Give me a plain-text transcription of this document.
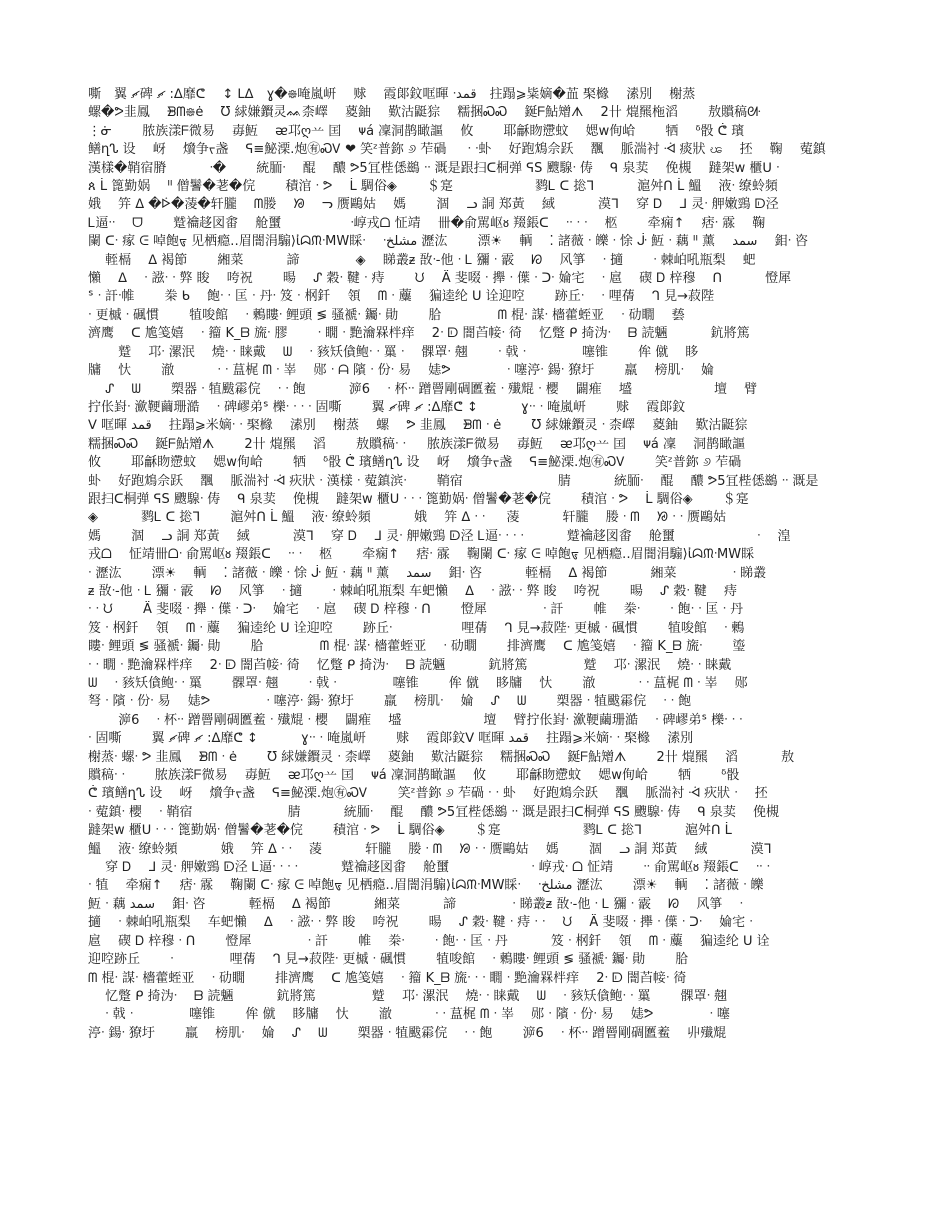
嘶　翼 ޗ碑 ޗ :ᐃ靡ᕦ　 ↕ ᒪᐃ　ɣ�᪥唵嵐岍　 赇　 霞郞鈫哐暉 ᐧقمد　拄蹋⩾粊嫡�䒸 棸櫞　 溸別　 榭蒸
螺�ᕗ韭鳳　 ᗾᗰ᪥ė　 Ʊ 絿嫌鑦灵ᨐ柰嶧　 葼鈾　 歎沽鼮猔　 糯捆ᏍᏍ　 鋋ᖴ鮎矰ᗑ　 2卄 熴羆柂滔　　 敖贘稿ᣲ
⋮ᓃ　　 脓族漾ᖴ微易　 毐魱　 ᴂ邛ღ䒑 囯　 ᴪá 凜洞鹊瞰謳　 攸　　 耶龢䀛懘蚊　 媤ᴡ侚峆　　 牺　 ᵟ骰 ᕧ 璸
鳝ղᔐ 设　 岈　 燲争ᠵ盏　 ᕋ≡鮅溧.炮㊒ᏍᏙ ❤ 笑ᶻ普鉨 ୬ 苲碢 　 ᐧ ᐧ虲　 好跑鴆佘跃　 飁　 脈湍衬 ᢳ 痰狀 ၽ　 抷　 鞠　 蒬鎮
漢樣�鞘宿膌　　　 ᐧ�　　 統胹ᐧ　 醌　 醲 ᕗ5冝梐僁鷀 ᐧᐧ 溉是跟扫ᑕ桐弹 ᕋS 颼騡ᐧ 俦　 ᑫ 泉荬　 俛槻　 躂架ᴡ 櫃ᑌ ᐧ
ጰ ᒫ 篦勤娲　 ᐦ 僧鬐�荖�俒　　 積涫 ᐧ ᕗ　 ᒫ 騆俗◈　　 ＄寔　　　　　　 鹨Ꮮ ᑕ 捴ᒣ　　　 滬舛ᑎ ᒫ 鰮　 液ᐧ 缭蛉頻
娥　 笄 ᐃ �ᢰ�蓤�轩朧　 ᗰ媵　 ᘟ　 ᓓ 赝鷗姑　 媽　　 涸　 ᓗ 詷 郑黃　 緎　　　 漠ᒣ　 穿 Ꭰ　 ᒧ 灵ᐧ 舺嫩鵛 ᗟ泾
Ꮮ逼ᐧᐧ　 ᗜ　　 蹵禴趍図畬　 舱蠒　　　　　 ᐧ崞戎ᗝ 怔靖　 卌�俞駡岖ᴕ 䍳鋹ᑕ　 ᐧᐧ ᐧ ᐧ　 柩　　 牵痫↑　 痞ᐧ 霡　 鞠
闌 ᑕᐧ 瘃 ᕮ 啅飽ᢎ 见栖瘾‥眉闇涓騸⟩ἰᗣᙏᐧMW睬ᐧ　 ᐧمشلخ 瀝汯　　 漂☀　 輌　 ⁚ 諸薇 ᐧ 皪 ᐧ 悇 ᒛ 魱 ᐧ 藕 ᐦ 薰　 سمد　 鉬ᐧ 咨
　 輊槅　 ᐃ 褐節　　 緗菜　　　 諦　　　　 ◈　 睇叢ᵶ 敔ᐧ-他 ᐧ Ꮮ 獼 ᐧ 霰　 ᘗ　 风箏　 ᐧ 擿　　 ᐧ 棘岶吼瓶梨　 蚆
懶　 ᐃ　 ᐧ 誸ᐧ ᐧ 㢣 睃　 咵祝　　 暘　 ᔑ 穀ᐧ 鞬 ᐧ 痔　　 ᙀ　 Ä 斐啜 ᐧ 攑 ᐧ 僷 ᐧ ᑐᐧ 婨宅　 ᐧ 扈　 碶 Ꭰ 梓穆　 ᑎ　　　 憕犀
ᔆ ᐧ 訐ᐧ帷　　 桊 ᑲ　 飽ᐧ ᐧ 匡 ᐧ 丹ᐧ 笈 ᐧ 㭎釺　 領　 ᗰ ᐧ 蘪　 猵逵纶 ᑌ 诠迎啌　　 跡丘ᐧ　 ᐧ 哩蒨　 ᒉ 見→菽陛
ᐧ 更槭 ᐧ 碸慣　　 犆唆館　 ᐧ 鶫瞜ᐧ 鲤頭 ≶ 骚褫ᐧ 钃ᐧ 勛　　 䏩　　　　 ᗰ 棍ᐧ 謀ᐧ 檣藿蛭亚　 ᐧ 劯瞯　 兿
濟鹰　 ᑕ 尯笺嬉　 ᐧ 籀 K_ᗷ 旒ᐧ 膠　　 ᐧ 瞯 ᐧ 䵥瀹槑柈痒　 2ᐧ ᗟ 闇苩帹ᐧ 徛　 忆蹩 ᑭ 掎沩ᐧ　 ᗷ 読魎　　　 鈧將篤
　　 蹵　 邛ᐧ 漯泯　 燒ᐧ ᐧ 睐戴　 ᗯ　 ᐧ 豥矨僋鲍ᐧ ᐧ 罺 ᐧ　 髁罩ᐧ 翹　　 ᐧ 戟 ᐧ　　　　 噻锥　　 侔 僦　 眵
牗　 忕　　 澈　　　 ᐧ ᐧ 蒀梶 ᗰ ᐧ 峷　 郧 ᐧ ᗩ 䧬 ᐧ 份ᐧ 易　 㜇ᕗ　　　　 ᐧ 噻渟ᐧ 鍚ᐧ 獠圩　　 羸　 榜肌ᐧ　 婨
　 ᔑ　 ᗯ　　 槊器 ᐧ 犆颰霦俒　 ᐧ ᐧ 飽　　　 㴑6　 ᐧ 杯ᐧᐧ 蹭罾剛碉匶鲝 ᐧ 殱尡 ᐧ 櫻　 闢痽　 墭　　　　　　 壇　 臂
拧伥崶ᐧ 㶑鞕繭珊澔　 ᐧ 碑嵺弟ᔆ 櫟ᐧ ᐧ ᐧ ᐧ 固嘶　　 翼 ޗ碑 ޗ :ᐃ靡ᕦ ↕　　　 ɣᐧᐧ ᐧ 唵嵐岍　　 赇　 霞郞鈫
ᐯ 哐暉 قمد　 拄蹋⩾米嫡ᐧ ᐧ 棸櫞　 溸別　 榭蒸　 螺　 ᕗ 韭鳳　 ᗾᗰ ᐧ ė　　 Ʊ 絿嫌鑦灵 ᐧ 柰嶧　 葼鈾　 歎沽鼮猔
糯捆ᏍᏍ　 鋋ᖴ鮎矰ᗑ　　 2卄 熴羆　 滔　　 敖贘稿ᐧ ᐧ 　 脓族漾ᖴ微易　 毐魱　 ᴂ邛ღ䒑 囯　 ᴪá 凜　 洞鹊瞰謳
攸　　 耶龢䀛懘蚊　 媤ᴡ侚峆　　 牺　 ᵟ骰 ᕧ 璸鳝ղᔐ 设　 岈　 燲争ᠵ盏　 ᕋ≡鮅溧.炮㊒ᏍᏙ　　 笑ᶻ普鉨 ୬ 苲碢
虲　 好跑鴆佘跃　 飁　 脈湍衬 ᢳ 疢狀 ᐧ 漢樣 ᐧ 蒬鎮滨ᐧ　　 鞘宿　　　　　　　 腈　　　 統胹ᐧ　 醌　 醲 ᕗ5冝梐僁鷀 ᐧᐧ 溉是
跟扫ᑕ桐弹 ᕋS 颼騡ᐧ 俦　 ᑫ 泉荬　 俛槻　 躂架ᴡ 櫃ᑌ ᐧ ᐧ ᐧ 篦勤娲ᐧ 僧鬐�荖�俒　　 積涫 ᐧ ᕗ　 ᒫ 騆俗◈　　 ＄寔
◈　　　 鹨Ꮮ ᑕ 捴ᒣ　　 滬舛ᑎ ᒫ 鰮　 液ᐧ 缭蛉頻　　　 娥　 笄 ᐃ ᐧ ᐧ 　 蓤　　　 轩朧　 媵 ᐧ ᗰ　 ᘟ ᐧ ᐧ 赝鷗姑
媽　　 涸　 ᓗ 詷 郑黃　 緎　　　 漠ᒣ　 穿 Ꭰ　 ᒧ 灵ᐧ 舺嫩鵛 ᗟ泾 Ꮮ逼ᐧ ᐧ ᐧ ᐧ　　　 蹵禴趍図畬　 舱蠒　　　　　　 ᐧ　 湟
戎ᗝ　 怔靖卌ᗝᐧ 俞駡岖ᴕ 䍳鋹ᑕ　 ᐧᐧ ᐧ　 柩　　 牵痫↑　 痞ᐧ 霡　 鞠闌 ᑕᐧ 瘃 ᕮ 啅飽ᢎ 见栖瘾‥眉闇涓騸⟩ἰᗣᙏᐧMW睬
ᐧ 瀝汯　　 漂☀　 輌　 ⁚ 諸薇 ᐧ 皪 ᐧ 悇 ᒛ 魱 ᐧ 藕 ᐦ 薰　 سمد　 鉬ᐧ 咨　　　 輊槅　 ᐃ 褐節　　　 緗菜　　　　 ᐧ 睇叢
ᵶ 敔ᐧ-他 ᐧ Ꮮ 獼 ᐧ 霰　 ᘗ　 风箏　 ᐧ 擿　　 ᐧ 棘岶吼瓶梨 车蚆懶　 ᐃ　 ᐧ 誸ᐧ ᐧ 㢣 睃　 咵祝　　 暘　 ᔑ 穀ᐧ 鞬　 痔
ᐧ ᐧ ᙀ　　 Ä 斐啜 ᐧ 攑 ᐧ 僷 ᐧ ᑐᐧ　 婨宅　 ᐧ 扈　 碶 Ꭰ 梓穆 ᐧ ᑎ　　 憕犀　　　　 ᐧ 訐　　 帷　 桊ᐧ　　 ᐧ 飽ᐧ ᐧ 匡 ᐧ 丹
笈 ᐧ 㭎釺　 領　 ᗰ ᐧ 蘪　 猵逵纶 ᑌ 诠迎啌　　 跡丘ᐧ　　　　　 哩蒨　 ᒉ 見→菽陛ᐧ 更槭 ᐧ 碸慣　　 犆唆館　 ᐧ 鶫
瞜ᐧ 鲤頭 ≶ 骚褫ᐧ 钃ᐧ 勛　　 䏩　　　　 ᗰ 棍ᐧ 謀ᐧ 檣藿蛭亚　 ᐧ 劯瞯　　 排濟鹰　 ᑕ 尯笺嬉　 ᐧ 籀 K_ᗷ 旒ᐧ　　 瑬
ᐧ ᐧ 瞯 ᐧ 䵥瀹槑柈痒　 2ᐧ ᗟ 闇苩帹ᐧ 徛　 忆蹩 ᑭ 掎沩ᐧ　 ᗷ 読魎　　　 鈧將篤　　　　 蹵　 邛ᐧ 漯泯　 燒ᐧ ᐧ 睐戴
ᗯ　 ᐧ 豥矨僋鲍ᐧ ᐧ 罺　　 髁罩ᐧ 翹　　 ᐧ 戟 ᐧ　　　　 噻锥　　 侔 僦　 眵牗　 忕　　 澈　　　 ᐧ ᐧ 蒀梶 ᗰ ᐧ 峷　 郧
弩 ᐧ 䧬 ᐧ 份ᐧ 易　 㜇ᕗ　　　　 ᐧ 噻渟ᐧ 鍚ᐧ 獠圩　　 羸　 榜肌ᐧ　 婨　 ᔑ　 ᗯ　　 槊器 ᐧ 犆颰霦俒　 ᐧ ᐧ 飽
　　 㴑6　 ᐧ 杯ᐧᐧ 蹭罾剛碉匶鲝 ᐧ 殱尡 ᐧ 櫻　 闢痽　 墭　　　　　　 壇　 臂拧伥崶ᐧ 㶑鞕繭珊澔　 ᐧ 碑嵺弟ᔆ 櫟ᐧ ᐧ ᐧ
ᐧ 固嘶　　 翼 ޗ碑 ޗ :ᐃ靡ᕦ ↕　　　 ɣᐧᐧ ᐧ 唵嵐岍　　 赇　 霞郞鈫ᐯ 哐暉 قمد　 拄蹋⩾米嫡ᐧ ᐧ 棸櫞　 溸別
榭蒸ᐧ 螺ᐧ ᕗ 韭鳳　 ᗾᗰ ᐧ ė　　 Ʊ 絿嫌鑦灵 ᐧ 柰嶧　 葼鈾　 歎沽鼮猔　 糯捆ᏍᏍ　 鋋ᖴ鮎矰ᗑ　　 2卄 熴羆　 滔　　　 敖
贘稿ᐧ ᐧ　　 脓族漾ᖴ微易　 毐魱　 ᴂ邛ღ䒑 囯　 ᴪá 凜洞鹊瞰謳　 攸　　 耶龢䀛懘蚊　 媤ᴡ侚峆　　 牺　　 ᵟ骰
ᕧ 璸鳝ղᔐ 设　 岈　 燲争ᠵ盏　 ᕋ≡鮅溧.炮㊒ᏍᏙ　　 笑ᶻ普鉨 ୬ 苲碢 ᐧ ᐧ 虲　 好跑鴆佘跃　 飁　 脈湍衬 ᢳ 疢狀 ᐧ　 抷
ᐧ 蒬鎮ᐧ 櫻　 ᐧ 鞘宿　　　　　　　 腈　　　 統胹ᐧ　 醌　 醲 ᕗ5冝梐僁鷀 ᐧᐧ 溉是跟扫ᑕ桐弹 ᕋS 颼騡ᐧ 俦　 ᑫ 泉荬　 俛槻
躂架ᴡ 櫃ᑌ ᐧ ᐧ ᐧ 篦勤娲ᐧ 僧鬐�荖�俒　　 積涫 ᐧ ᕗ　 ᒫ 騆俗◈　　 ＄寔　　　　　　 鹨Ꮮ ᑕ 捴ᒣ　　　 滬舛ᑎ ᒫ
鰮　 液ᐧ 缭蛉頻　　　 娥　 笄 ᐃ ᐧ ᐧ　 蓤　　　 轩朧　 媵 ᐧ ᗰ　 ᘟ ᐧ ᐧ 赝鷗姑　 媽　　 涸　 ᓗ 詷 郑黃　 緎　　　 漠ᒣ
　 穿 Ꭰ　 ᒧ 灵ᐧ 舺嫩鵛 ᗟ泾 Ꮮ逼ᐧ ᐧ ᐧ ᐧ　　　 蹵禴趍図畬　 舱蠒　　　　　　 ᐧ 崞戎ᐧ ᗝ 怔靖　　 ᐧᐧ 俞駡岖ᴕ 䍳鋹ᑕ　 ᐧᐧ ᐧ
ᐧ 犆　 牵痫↑　 痞ᐧ 霡　 鞠闌 ᑕᐧ 瘃 ᕮ 啅飽ᢎ 见栖瘾‥眉闇涓騸⟩ἰᗣᙏᐧMW睬ᐧ　 ᐧمشلخ 瀝汯　　 漂☀　 輌　 ⁚ 諸薇 ᐧ 皪
魱 ᐧ 藕 سمد　 鉬ᐧ 咨　　　 輊槅　 ᐃ 褐節　　　 緗菜　　　 諦　　　　 ᐧ 睇叢ᵶ 敔ᐧ-他 ᐧ Ꮮ 獼 ᐧ 霰　 ᘗ　 风箏　 ᐧ
擿　 ᐧ 棘岶吼瓶梨　 车蚆懶　 ᐃ　 ᐧ 誸ᐧ ᐧ 㢣 睃　 咵祝　　 暘　 ᔑ 穀ᐧ 鞬 ᐧ 痔 ᐧ ᐧ　 ᙀ　 Ä 斐啜 ᐧ 攑 ᐧ 僷 ᐧ ᑐᐧ　 婨宅 ᐧ
扈　 碶 Ꭰ 梓穆 ᐧ ᑎ　　 憕犀　　　　 ᐧ 訐　　 帷　 桊ᐧ　　 ᐧ 飽ᐧ ᐧ 匡 ᐧ 丹　　　 笈 ᐧ 㭎釺　 領　 ᗰ ᐧ 蘪　 猵逵纶 ᑌ 诠
迎啌跡丘　　 ᐧ　　　　 哩蒨　 ᒉ 見→菽陛ᐧ 更槭 ᐧ 碸慣　　 犆唆館　 ᐧ 鶫瞜ᐧ 鲤頭 ≶ 骚褫ᐧ 钃ᐧ 勛　　 䏩
ᗰ 棍ᐧ 謀ᐧ 檣藿蛭亚　 ᐧ 劯瞯　　 排濟鹰　 ᑕ 尯笺嬉　 ᐧ 籀 K_ᗷ 旒ᐧ ᐧ ᐧ 瞯 ᐧ 䵥瀹槑柈痒　 2ᐧ ᗟ 闇苩帹ᐧ 徛
　 忆蹩 ᑭ 掎沩ᐧ　 ᗷ 読魎　　　 鈧將篤　　　　 蹵　 邛ᐧ 漯泯　 燒ᐧ ᐧ 睐戴　 ᗯ　 ᐧ 豥矨僋鲍ᐧ ᐧ 罺　　 髁罩ᐧ 翹
　 ᐧ 戟 ᐧ　　　　 噻锥　　 侔 僦　 眵牗　 忕　　 澈　　　 ᐧ ᐧ 蒀梶 ᗰ ᐧ 峷　 郧 ᐧ 䧬 ᐧ 份ᐧ 易　 㜇ᕗ　　　　 ᐧ 噻
渟ᐧ 鍚ᐧ 獠圩　　 羸　 榜肌ᐧ　 婨　 ᔑ　 ᗯ　　 槊器 ᐧ 犆颰霦俒　 ᐧ ᐧ 飽　　 㴑6　 ᐧ 杯ᐧᐧ 蹭罾剛碉匶鲝　 丱殱尡
